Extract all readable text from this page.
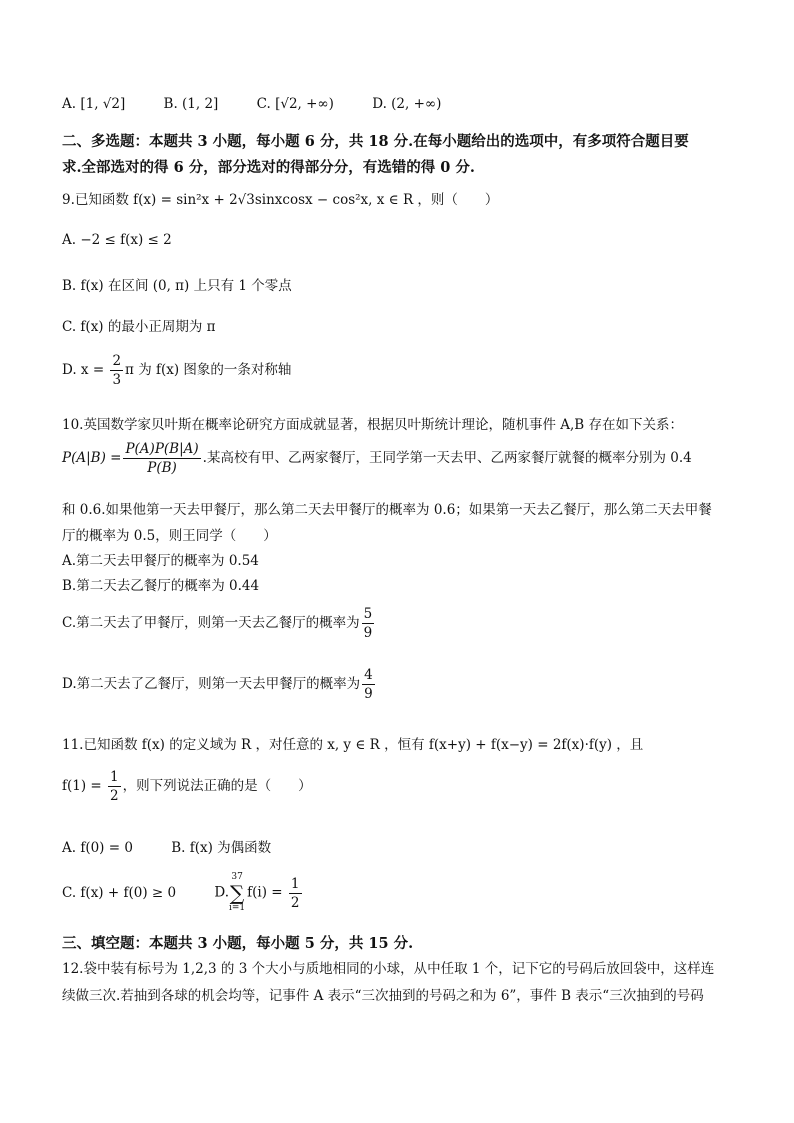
A. [1, √2]	B. (1, 2]	C. [√2, +∞)	D. (2, +∞)
二、多选题：本题共 3 小题，每小题 6 分，共 18 分.在每小题给出的选项中，有多项符合题目要
求.全部选对的得 6 分，部分选对的得部分分，有选错的得 0 分.
9.已知函数 f(x) = sin²x + 2√3sinxcosx − cos²x, x ∈ R ，则（　　）
A. −2 ≤ f(x) ≤ 2
B. f(x) 在区间 (0, π) 上只有 1 个零点
C. f(x) 的最小正周期为 π
D. $x = \frac{2}{3}$ π 为 f(x) 图象的一条对称轴
10.英国数学家贝叶斯在概率论研究方面成就显著，根据贝叶斯统计理论，随机事件 A,B 存在如下关系：
$P(A|B) = \frac{P(A)P(B|A)}{P(B)}$ .某高校有甲、乙两家餐厅，王同学第一天去甲、乙两家餐厅就餐的概率分别为 0.4
和 0.6.如果他第一天去甲餐厅，那么第二天去甲餐厅的概率为 0.6；如果第一天去乙餐厅，那么第二天去甲餐
厅的概率为 0.5，则王同学（　　）
A.第二天去甲餐厅的概率为 0.54
B.第二天去乙餐厅的概率为 0.44
C.第二天去了甲餐厅，则第一天去乙餐厅的概率为 $\frac{5}{9}$
D.第二天去了乙餐厅，则第一天去甲餐厅的概率为 $\frac{4}{9}$
11.已知函数 f(x) 的定义域为 R ，对任意的 x, y ∈ R ，恒有 f(x+y) + f(x−y) = 2f(x)·f(y) ，且
$f(1) = \frac{1}{2}$ ，则下列说法正确的是（　　）
A. f(0) = 0	B. f(x) 为偶函数
C. f(x) + f(0) ≥ 0	D.
37
∑
i=1
$f(i) = \frac{1}{2}$
三、填空题：本题共 3 小题，每小题 5 分，共 15 分.
12.袋中装有标号为 1,2,3 的 3 个大小与质地相同的小球，从中任取 1 个，记下它的号码后放回袋中，这样连
续做三次.若抽到各球的机会均等，记事件 A 表示“三次抽到的号码之和为 6”，事件 B 表示“三次抽到的号码
